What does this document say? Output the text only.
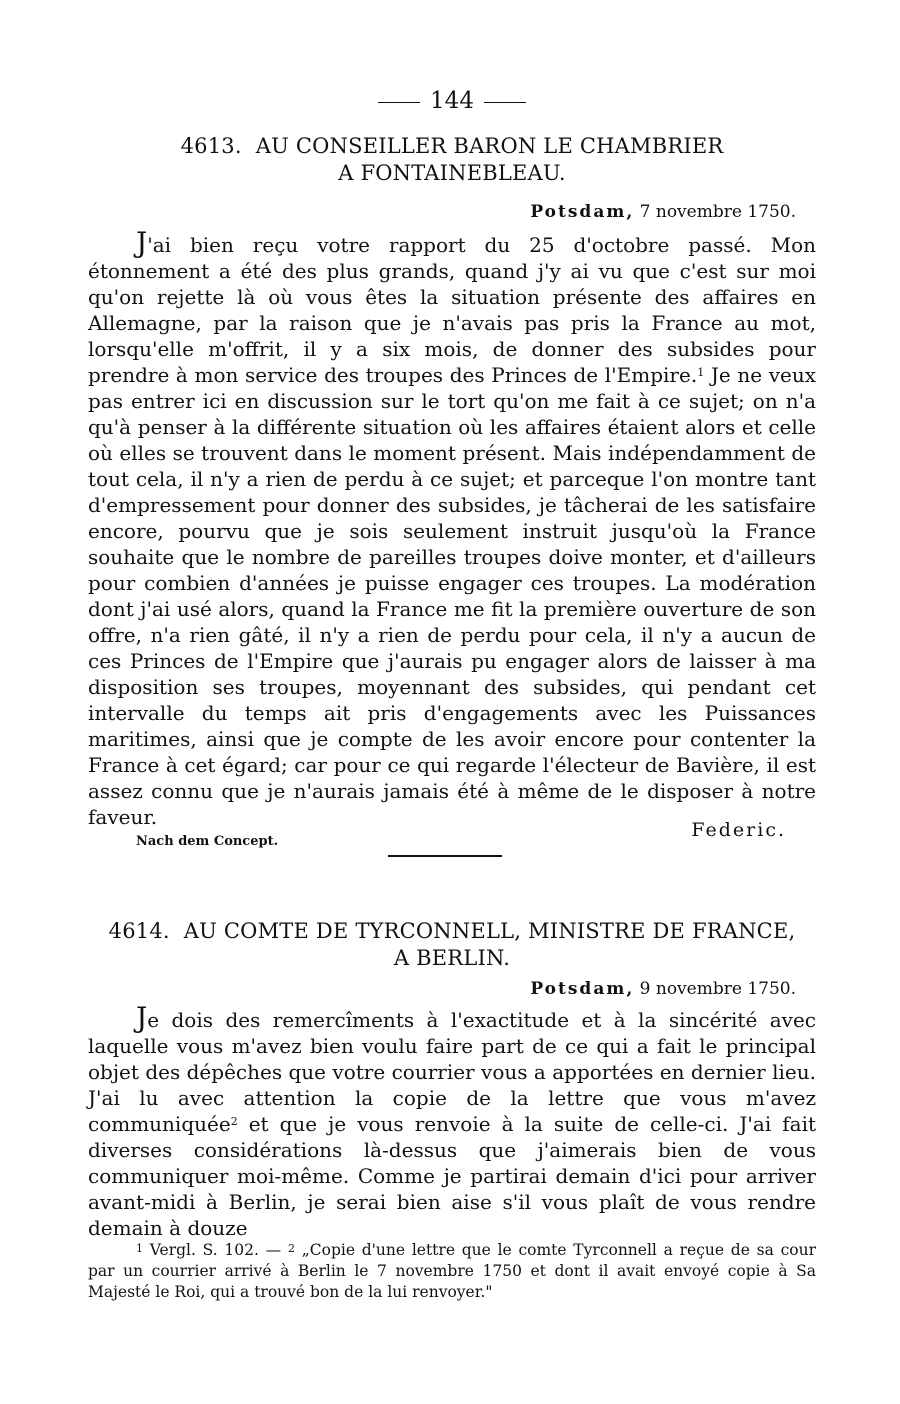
144
4613. AU CONSEILLER BARON LE CHAMBRIER
A FONTAINEBLEAU.
Potsdam, 7 novembre 1750.

J'ai bien reçu votre rapport du 25 d'octobre passé. Mon étonnement a été des plus grands, quand j'y ai vu que c'est sur moi qu'on rejette là où vous êtes la situation présente des affaires en Allemagne, par la raison que je n'avais pas pris la France au mot, lorsqu'elle m'offrit, il y a six mois, de donner des subsides pour prendre à mon service des troupes des Princes de l'Empire.$^1$ Je ne veux pas entrer ici en discussion sur le tort qu'on me fait à ce sujet; on n'a qu'à penser à la différente situation où les affaires étaient alors et celle où elles se trouvent dans le moment présent. Mais indépendamment de tout cela, il n'y a rien de perdu à ce sujet; et parceque l'on montre tant d'empressement pour donner des subsides, je tâcherai de les satisfaire encore, pourvu que je sois seulement instruit jusqu'où la France souhaite que le nombre de pareilles troupes doive monter, et d'ailleurs pour combien d'années je puisse engager ces troupes. La modération dont j'ai usé alors, quand la France me fit la première ouverture de son offre, n'a rien gâté, il n'y a rien de perdu pour cela, il n'y a aucun de ces Princes de l'Empire que j'aurais pu engager alors de laisser à ma disposition ses troupes, moyennant des subsides, qui pendant cet intervalle du temps ait pris d'engagements avec les Puissances maritimes, ainsi que je compte de les avoir encore pour contenter la France à cet égard; car pour ce qui regarde l'électeur de Bavière, il est assez connu que je n'aurais jamais été à même de le disposer à notre faveur.

Nach dem Concept.
Federic.
4614. AU COMTE DE TYRCONNELL, MINISTRE DE FRANCE,
A BERLIN.
Potsdam, 9 novembre 1750.

Je dois des remercîments à l'exactitude et à la sincérité avec laquelle vous m'avez bien voulu faire part de ce qui a fait le principal objet des dépêches que votre courrier vous a apportées en dernier lieu. J'ai lu avec attention la copie de la lettre que vous m'avez communiquée$^2$ et que je vous renvoie à la suite de celle-ci. J'ai fait diverses considérations là-dessus que j'aimerais bien de vous communiquer moi-même. Comme je partirai demain d'ici pour arriver avant-midi à Berlin, je serai bien aise s'il vous plaît de vous rendre demain à douze

$^1$ Vergl. S. 102. — $^2$ „Copie d'une lettre que le comte Tyrconnell a reçue de sa cour par un courrier arrivé à Berlin le 7 novembre 1750 et dont il avait envoyé copie à Sa Majesté le Roi, qui a trouvé bon de la lui renvoyer."
